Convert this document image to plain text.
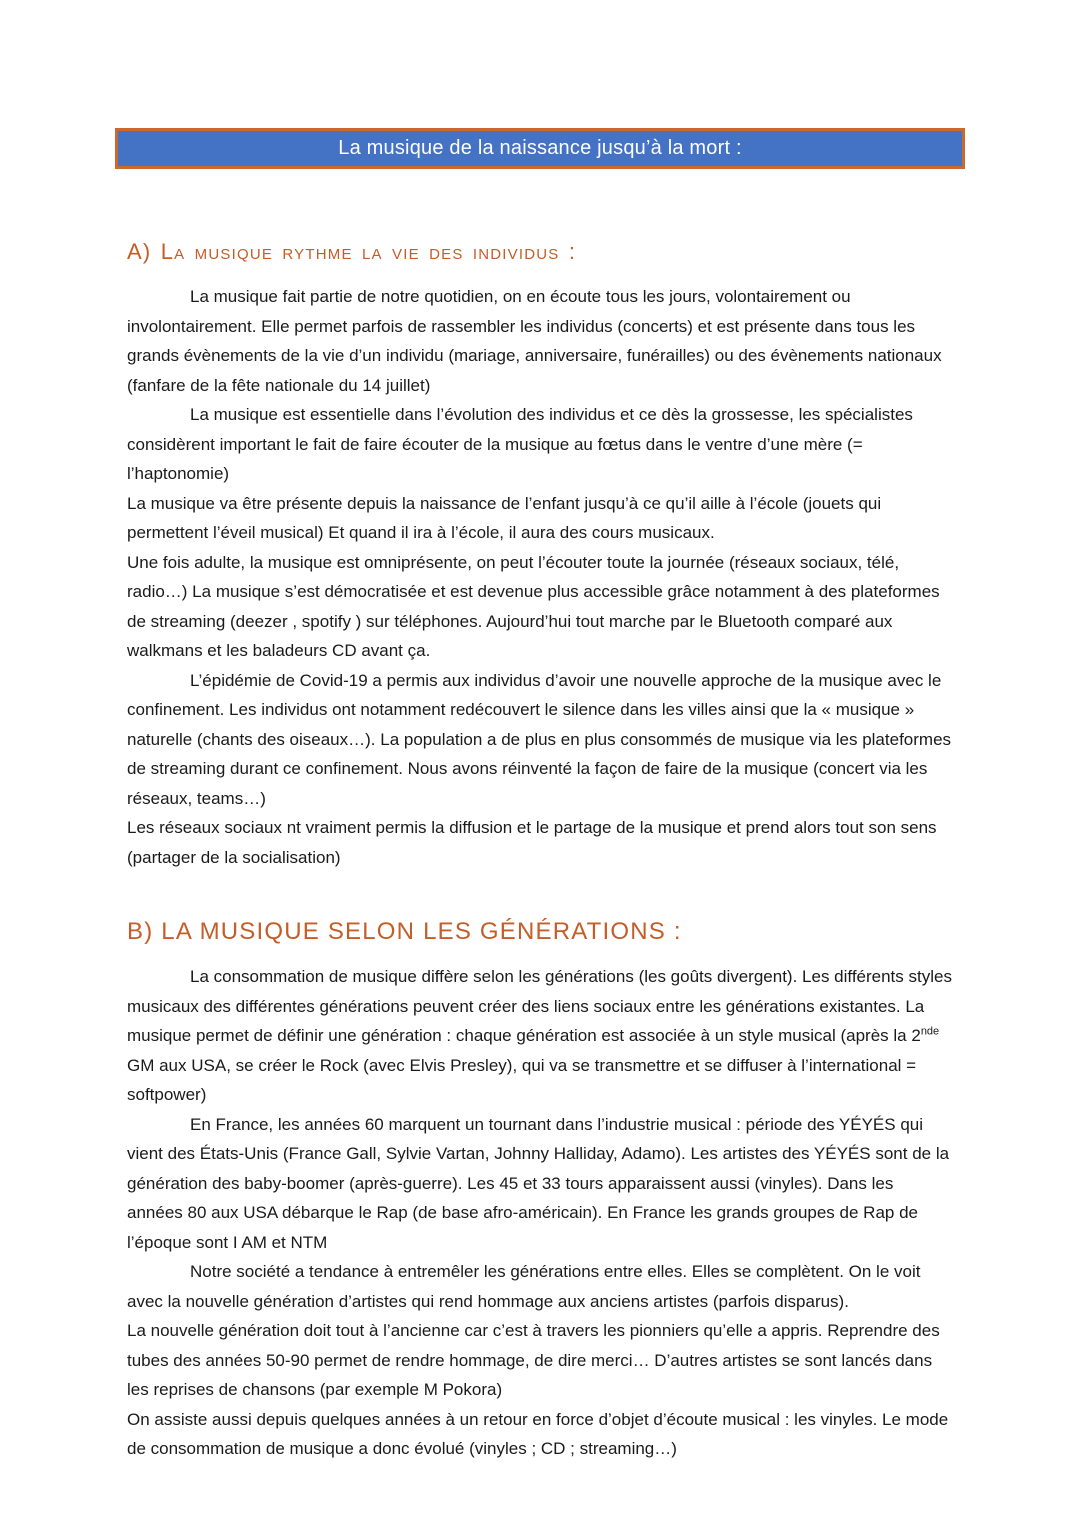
La musique de la naissance jusqu’à la mort :
A) La musique rythme la vie des individus :

La musique fait partie de notre quotidien, on en écoute tous les jours, volontairement ou involontairement. Elle permet parfois de rassembler les individus (concerts) et est présente dans tous les grands évènements de la vie d’un individu (mariage, anniversaire, funérailles) ou des évènements nationaux (fanfare de la fête nationale du 14 juillet)

La musique est essentielle dans l’évolution des individus et ce dès la grossesse, les spécialistes considèrent important le fait de faire écouter de la musique au fœtus dans le ventre d’une mère (= l’haptonomie)

La musique va être présente depuis la naissance de l’enfant jusqu’à ce qu’il aille à l’école (jouets qui permettent l’éveil musical) Et quand il ira à l’école, il aura des cours musicaux.

Une fois adulte, la musique est omniprésente, on peut l’écouter toute la journée (réseaux sociaux, télé, radio…) La musique s’est démocratisée et est devenue plus accessible grâce notamment à des plateformes de streaming (deezer , spotify ) sur téléphones. Aujourd’hui tout marche par le Bluetooth comparé aux walkmans et les baladeurs CD avant ça.

L’épidémie de Covid-19 a permis aux individus d’avoir une nouvelle approche de la musique avec le confinement. Les individus ont notamment redécouvert le silence dans les villes ainsi que la « musique » naturelle (chants des oiseaux…). La population a de plus en plus consommés de musique via les plateformes de streaming durant ce confinement. Nous avons réinventé la façon de faire de la musique (concert via les réseaux, teams…)

Les réseaux sociaux nt vraiment permis la diffusion et le partage de la musique et prend alors tout son sens (partager de la socialisation)

B) LA MUSIQUE SELON LES GÉNÉRATIONS :

La consommation de musique diffère selon les générations (les goûts divergent). Les différents styles musicaux des différentes générations peuvent créer des liens sociaux entre les générations existantes. La musique permet de définir une génération : chaque génération est associée à un style musical (après la 2nde GM aux USA, se créer le Rock (avec Elvis Presley), qui va se transmettre et se diffuser à l’international = softpower)

En France, les années 60 marquent un tournant dans l’industrie musical : période des YÉYÉS qui vient des États-Unis (France Gall, Sylvie Vartan, Johnny Halliday, Adamo). Les artistes des YÉYÉS sont de la génération des baby-boomer (après-guerre). Les 45 et 33 tours apparaissent aussi (vinyles). Dans les années 80 aux USA débarque le Rap (de base afro-américain). En France les grands groupes de Rap de l’époque sont I AM et NTM

Notre société a tendance à entremêler les générations entre elles. Elles se complètent. On le voit avec la nouvelle génération d’artistes qui rend hommage aux anciens artistes (parfois disparus).

La nouvelle génération doit tout à l’ancienne car c’est à travers les pionniers qu’elle a appris. Reprendre des tubes des années 50-90 permet de rendre hommage, de dire merci… D’autres artistes se sont lancés dans les reprises de chansons (par exemple M Pokora)

On assiste aussi depuis quelques années à un retour en force d’objet d’écoute musical : les vinyles. Le mode de consommation de musique a donc évolué (vinyles ; CD ; streaming…)
